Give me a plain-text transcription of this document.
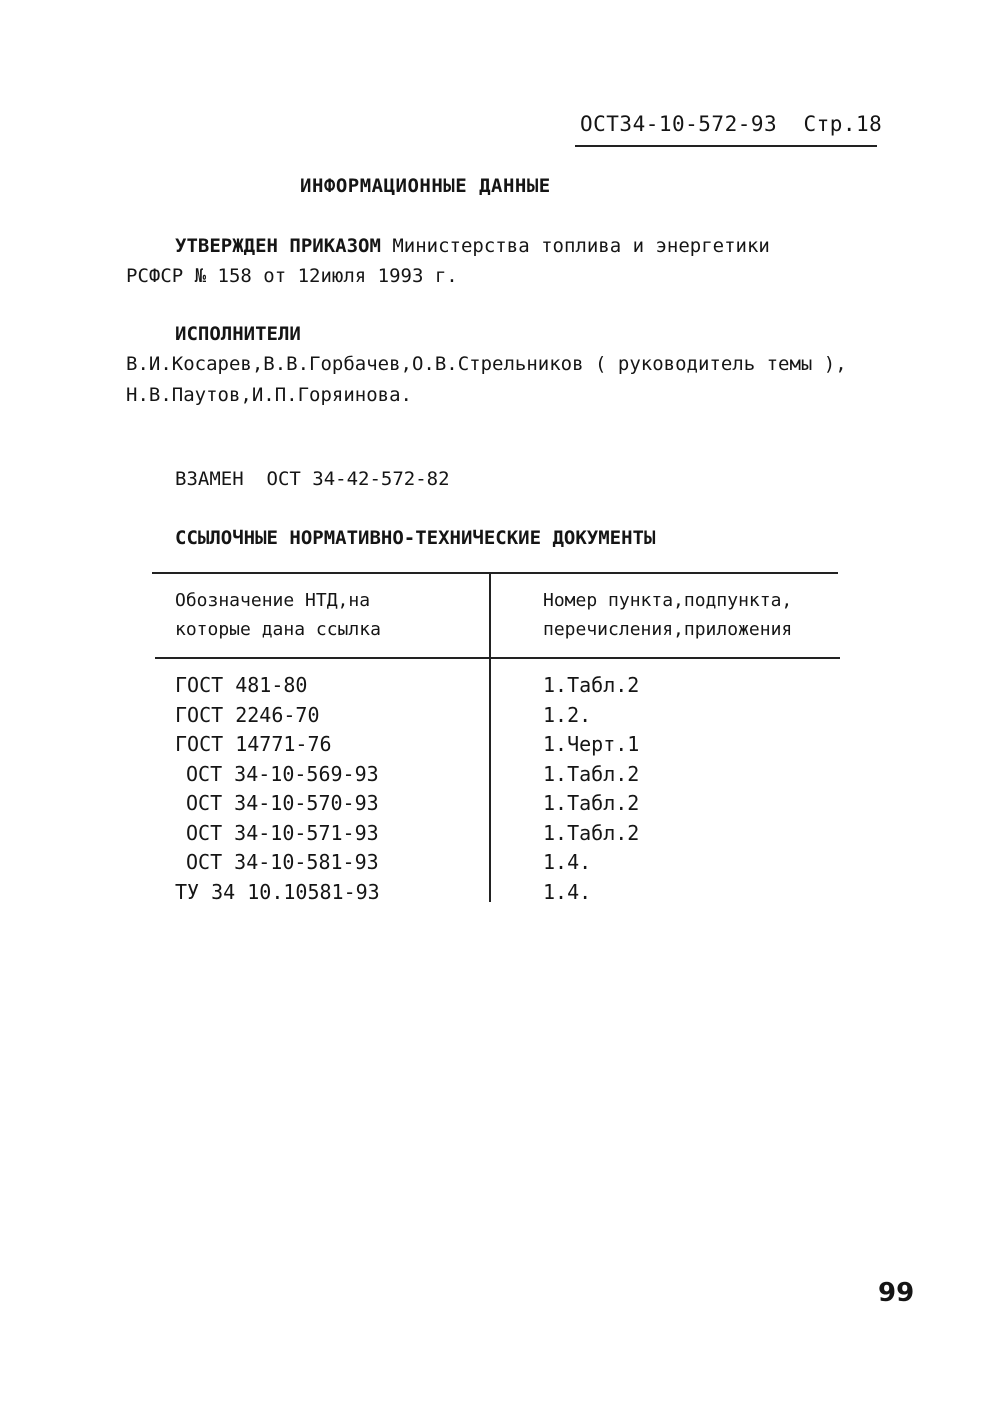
ОСТ34-10-572-93 Стр.18
ИНФОРМАЦИОННЫЕ ДАННЫЕ
УТВЕРЖДЕН ПРИКАЗОМ Министерства топлива и энергетики
РСФСР № 158 от 12июля 1993 г.
ИСПОЛНИТЕЛИ
В.И.Косарев,В.В.Горбачев,О.В.Стрельников ( руководитель темы ),
Н.В.Паутов,И.П.Горяинова.
ВЗАМЕН ОСТ 34-42-572-82
ССЫЛОЧНЫЕ НОРМАТИВНО-ТЕХНИЧЕСКИЕ ДОКУМЕНТЫ
Обозначение НТД,на
которые дана ссылка
Номер пункта,подпункта,
перечисления,приложения
ГОСТ 481-80
ГОСТ 2246-70
ГОСТ 14771-76
ОСТ 34-10-569-93
ОСТ 34-10-570-93
ОСТ 34-10-571-93
ОСТ 34-10-581-93
ТУ 34 10.10581-93
1.Табл.2
1.2.
1.Черт.1
1.Табл.2
1.Табл.2
1.Табл.2
1.4.
1.4.
99
